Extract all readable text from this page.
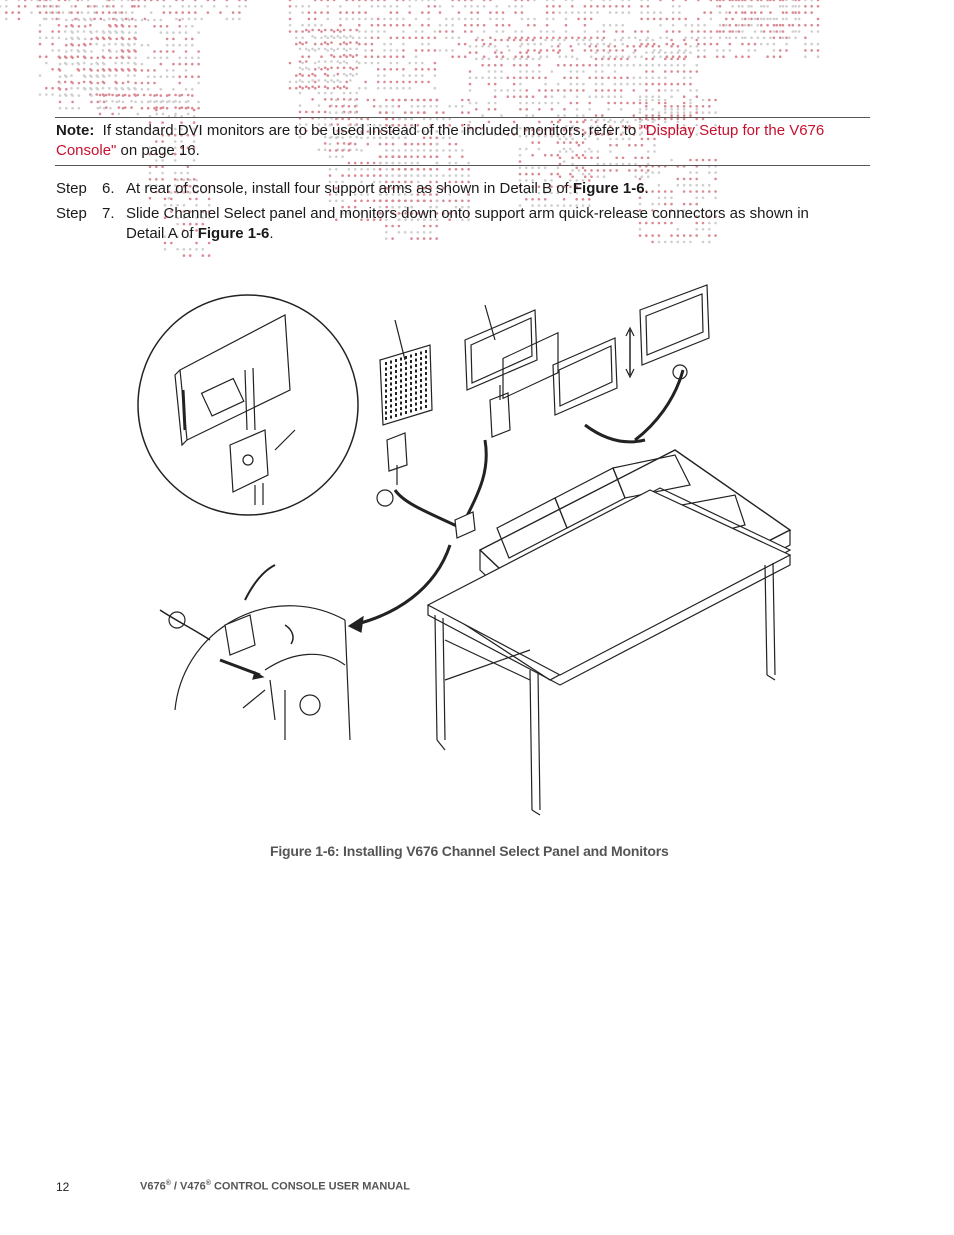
Note: If standard DVI monitors are to be used instead of the included monitors, refer to "Display Setup for the V676 Console" on page 16.
Step 6. At rear of console, install four support arms as shown in Detail B of Figure 1-6.
Step 7. Slide Channel Select panel and monitors down onto support arm quick-release connectors as shown in Detail A of Figure 1-6.
Figure 1-6: Installing V676 Channel Select Panel and Monitors
12	V676® / V476® CONTROL CONSOLE USER MANUAL
